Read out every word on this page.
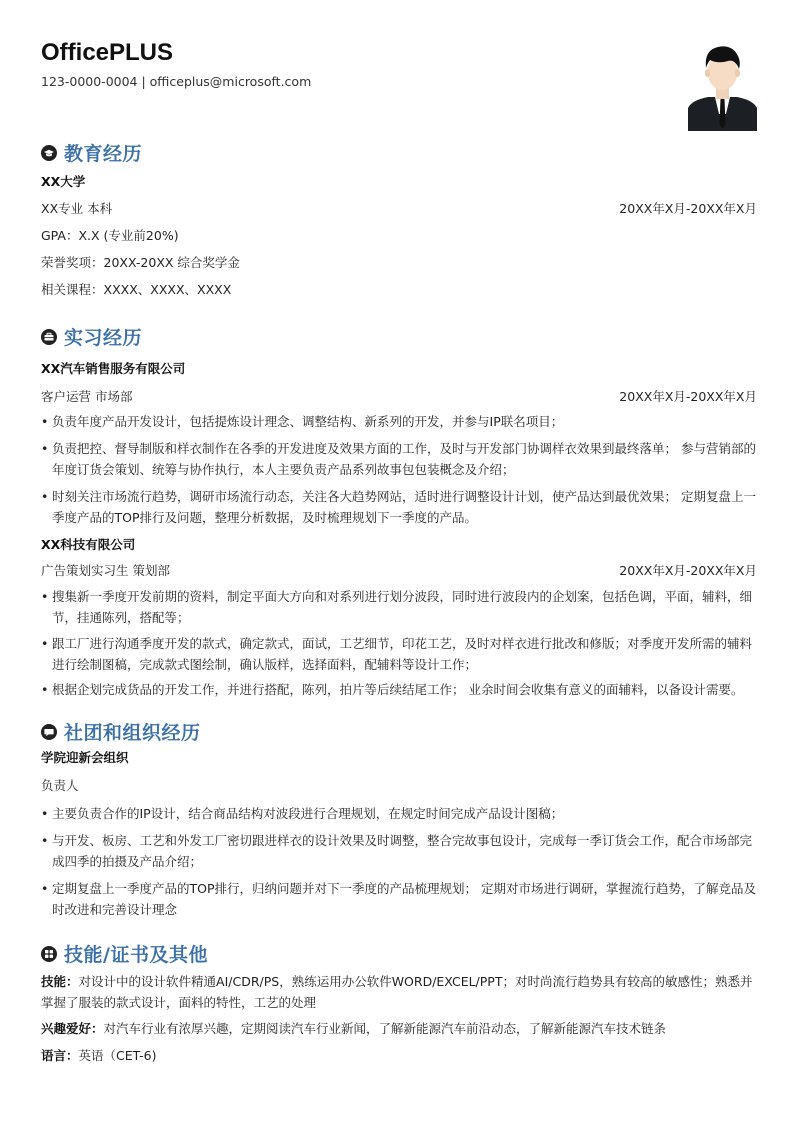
OfficePLUS
123-0000-0004 | officeplus@microsoft.com
教育经历
XX大学
XX专业 本科	20XX年X月-20XX年X月
GPA：X.X (专业前20%)
荣誉奖项：20XX-20XX 综合奖学金
相关课程：XXXX、XXXX、XXXX
实习经历
XX汽车销售服务有限公司
客户运营 市场部	20XX年X月-20XX年X月
• 负责年度产品开发设计，包括提炼设计理念、调整结构、新系列的开发，并参与IP联名项目；
• 负责把控、督导制版和样衣制作在各季的开发进度及效果方面的工作，及时与开发部门协调样衣效果到最终落单； 参与营销部的年度订货会策划、统筹与协作执行，本人主要负责产品系列故事包包装概念及介绍；
• 时刻关注市场流行趋势，调研市场流行动态，关注各大趋势网站，适时进行调整设计计划，使产品达到最优效果； 定期复盘上一季度产品的TOP排行及问题，整理分析数据，及时梳理规划下一季度的产品。
XX科技有限公司
广告策划实习生 策划部	20XX年X月-20XX年X月
• 搜集新一季度开发前期的资料，制定平面大方向和对系列进行划分波段，同时进行波段内的企划案，包括色调，平面，辅料，细节，挂通陈列，搭配等；
• 跟工厂进行沟通季度开发的款式，确定款式，面试，工艺细节，印花工艺，及时对样衣进行批改和修版；对季度开发所需的辅料进行绘制图稿，完成款式图绘制，确认版样，选择面料，配辅料等设计工作；
• 根据企划完成货品的开发工作，并进行搭配，陈列，拍片等后续结尾工作； 业余时间会收集有意义的面辅料，以备设计需要。
社团和组织经历
学院迎新会组织
负责人
• 主要负责合作的IP设计，结合商品结构对波段进行合理规划，在规定时间完成产品设计图稿；
• 与开发、板房、工艺和外发工厂密切跟进样衣的设计效果及时调整，整合完故事包设计，完成每一季订货会工作，配合市场部完成四季的拍摄及产品介绍；
• 定期复盘上一季度产品的TOP排行，归纳问题并对下一季度的产品梳理规划； 定期对市场进行调研，掌握流行趋势，了解竞品及时改进和完善设计理念
技能/证书及其他
技能：对设计中的设计软件精通AI/CDR/PS，熟练运用办公软件WORD/EXCEL/PPT；对时尚流行趋势具有较高的敏感性；熟悉并掌握了服装的款式设计，面料的特性，工艺的处理
兴趣爱好：对汽车行业有浓厚兴趣，定期阅读汽车行业新闻，了解新能源汽车前沿动态，了解新能源汽车技术链条
语言：英语（CET-6)
